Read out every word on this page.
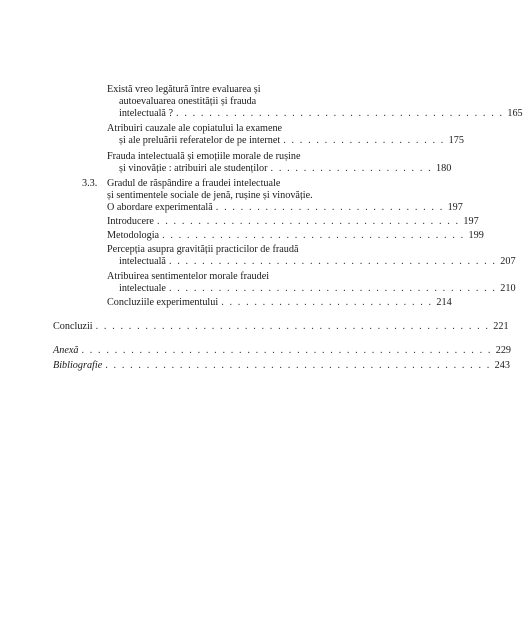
Există vreo legătură între evaluarea și
autoevaluarea onestității și frauda
intelectuală ? . . . . . . . . . . . . . . . . . . . . . . . . . . . . . . . . . . . . . . . . 165
Atribuiri cauzale ale copiatului la examene
și ale preluării referatelor de pe internet . . . . . . . . . . . . . . . . . . . . 175
Frauda intelectuală și emoțiile morale de rușine
și vinovăție : atribuiri ale studenților . . . . . . . . . . . . . . . . . . . . 180
3.3. Gradul de răspândire a fraudei intelectuale
și sentimentele sociale de jenă, rușine și vinovăție.
O abordare experimentală . . . . . . . . . . . . . . . . . . . . . . . . . . . . 197
Introducere . . . . . . . . . . . . . . . . . . . . . . . . . . . . . . . . . . . . . 197
Metodologia . . . . . . . . . . . . . . . . . . . . . . . . . . . . . . . . . . . . . 199
Percepția asupra gravității practicilor de fraudă
intelectuală . . . . . . . . . . . . . . . . . . . . . . . . . . . . . . . . . . . . . . . . 207
Atribuirea sentimentelor morale fraudei
intelectuale . . . . . . . . . . . . . . . . . . . . . . . . . . . . . . . . . . . . . . . . 210
Concluziile experimentului . . . . . . . . . . . . . . . . . . . . . . . . . . 214
Concluzii . . . . . . . . . . . . . . . . . . . . . . . . . . . . . . . . . . . . . . . . . . . . . . . . 221
Anexă . . . . . . . . . . . . . . . . . . . . . . . . . . . . . . . . . . . . . . . . . . . . . . . . . . 229
Bibliografie . . . . . . . . . . . . . . . . . . . . . . . . . . . . . . . . . . . . . . . . . . . . . . . 243
